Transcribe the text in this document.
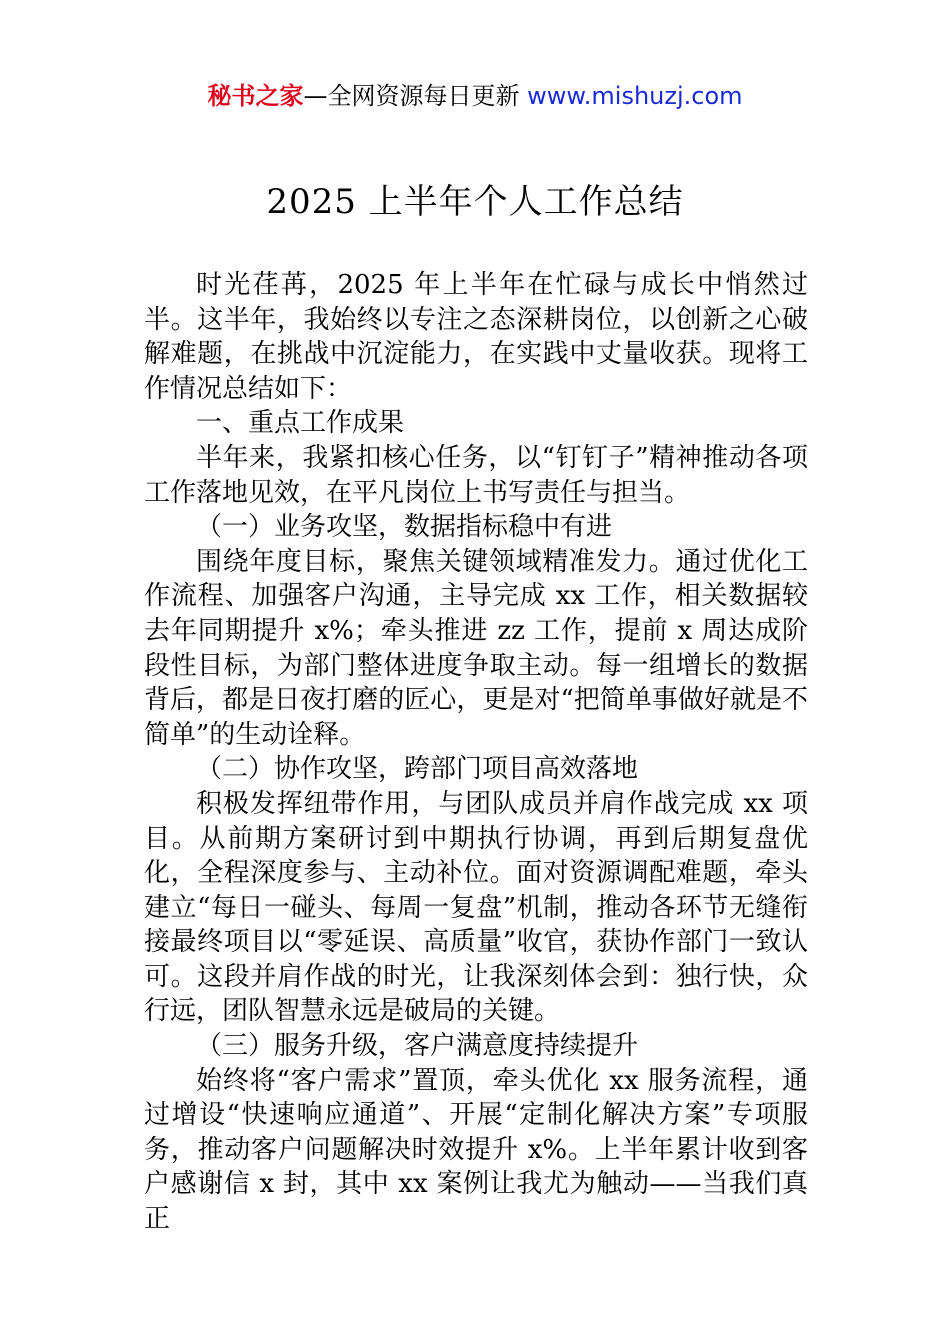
秘书之家—全网资源每日更新 www.mishuzj.com
2025 上半年个人工作总结

时光荏苒，2025 年上半年在忙碌与成长中悄然过半。这半年，我始终以专注之态深耕岗位，以创新之心破解难题，在挑战中沉淀能力，在实践中丈量收获。现将工作情况总结如下：

一、重点工作成果

半年来，我紧扣核心任务，以“钉钉子”精神推动各项工作落地见效，在平凡岗位上书写责任与担当。

（一）业务攻坚，数据指标稳中有进

围绕年度目标，聚焦关键领域精准发力。通过优化工作流程、加强客户沟通，主导完成 xx 工作，相关数据较去年同期提升 x%；牵头推进 zz 工作，提前 x 周达成阶段性目标，为部门整体进度争取主动。每一组增长的数据背后，都是日夜打磨的匠心，更是对“把简单事做好就是不简单”的生动诠释。

（二）协作攻坚，跨部门项目高效落地

积极发挥纽带作用，与团队成员并肩作战完成 xx 项目。从前期方案研讨到中期执行协调，再到后期复盘优化，全程深度参与、主动补位。面对资源调配难题，牵头建立“每日一碰头、每周一复盘”机制，推动各环节无缝衔接最终项目以“零延误、高质量”收官，获协作部门一致认可。这段并肩作战的时光，让我深刻体会到：独行快，众行远，团队智慧永远是破局的关键。

（三）服务升级，客户满意度持续提升

始终将“客户需求”置顶，牵头优化 xx 服务流程，通过增设“快速响应通道”、开展“定制化解决方案”专项服务，推动客户问题解决时效提升 x%。上半年累计收到客户感谢信 x 封，其中 xx 案例让我尤为触动——当我们真正
